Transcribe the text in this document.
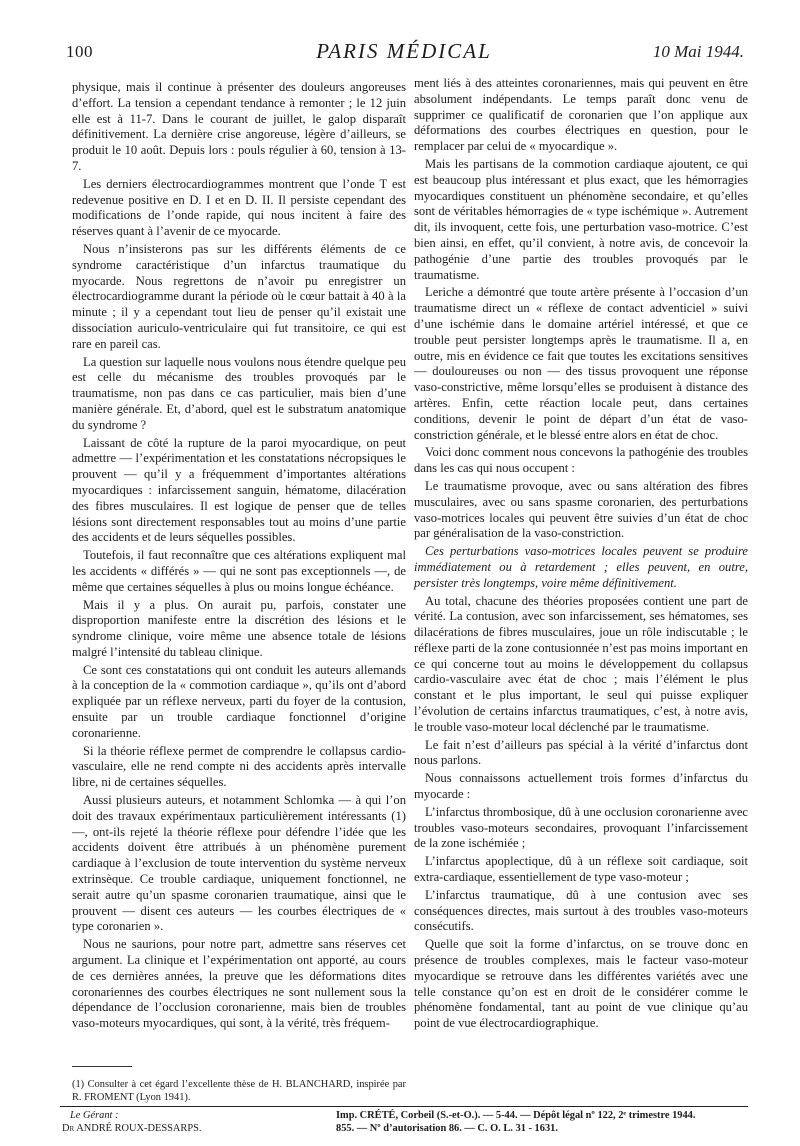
100	PARIS MÉDICAL	10 Mai 1944.

physique, mais il continue à présenter des douleurs angoreuses d’effort. La tension a cependant tendance à remonter ; le 12 juin elle est à 11-7. Dans le courant de juillet, le galop disparaît définitivement. La dernière crise angoreuse, légère d’ailleurs, se produit le 10 août. Depuis lors : pouls régulier à 60, tension à 13-7.

Les derniers électrocardiogrammes montrent que l’onde T est redevenue positive en D. I et en D. II. Il persiste cependant des modifications de l’onde rapide, qui nous incitent à faire des réserves quant à l’avenir de ce myocarde.

Nous n’insisterons pas sur les différents éléments de ce syndrome caractéristique d’un infarctus traumatique du myocarde. Nous regrettons de n’avoir pu enregistrer un électrocardiogramme durant la période où le cœur battait à 40 à la minute ; il y a cependant tout lieu de penser qu’il existait une dissociation auriculo-ventriculaire qui fut transitoire, ce qui est rare en pareil cas.

La question sur laquelle nous voulons nous étendre quelque peu est celle du mécanisme des troubles provoqués par le traumatisme, non pas dans ce cas particulier, mais bien d’une manière générale. Et, d’abord, quel est le substratum anatomique du syndrome ?

Laissant de côté la rupture de la paroi myocardique, on peut admettre — l’expérimentation et les constatations nécropsiques le prouvent — qu’il y a fréquemment d’importantes altérations myocardiques : infarcissement sanguin, hématome, dilacération des fibres musculaires. Il est logique de penser que de telles lésions sont directement responsables tout au moins d’une partie des accidents et de leurs séquelles possibles.

Toutefois, il faut reconnaître que ces altérations expliquent mal les accidents « différés » — qui ne sont pas exceptionnels —, de même que certaines séquelles à plus ou moins longue échéance.

Mais il y a plus. On aurait pu, parfois, constater une disproportion manifeste entre la discrétion des lésions et le syndrome clinique, voire même une absence totale de lésions malgré l’intensité du tableau clinique.

Ce sont ces constatations qui ont conduit les auteurs allemands à la conception de la « commotion cardiaque », qu’ils ont d’abord expliquée par un réflexe nerveux, parti du foyer de la contusion, ensuite par un trouble cardiaque fonctionnel d’origine coronarienne.

Si la théorie réflexe permet de comprendre le collapsus cardio-vasculaire, elle ne rend compte ni des accidents après intervalle libre, ni de certaines séquelles.

Aussi plusieurs auteurs, et notamment Schlomka — à qui l’on doit des travaux expérimentaux particulièrement intéressants (1) —, ont-ils rejeté la théorie réflexe pour défendre l’idée que les accidents doivent être attribués à un phénomène purement cardiaque à l’exclusion de toute intervention du système nerveux extrinsèque. Ce trouble cardiaque, uniquement fonctionnel, ne serait autre qu’un spasme coronarien traumatique, ainsi que le prouvent — disent ces auteurs — les courbes électriques de « type coronarien ».

Nous ne saurions, pour notre part, admettre sans réserves cet argument. La clinique et l’expérimentation ont apporté, au cours de ces dernières années, la preuve que les déformations dites coronariennes des courbes électriques ne sont nullement sous la dépendance de l’occlusion coronarienne, mais bien de troubles vaso-moteurs myocardiques, qui sont, à la vérité, très fréquem-

ment liés à des atteintes coronariennes, mais qui peuvent en être absolument indépendants. Le temps paraît donc venu de supprimer ce qualificatif de coronarien que l’on applique aux déformations des courbes électriques en question, pour le remplacer par celui de « myocardique ».

Mais les partisans de la commotion cardiaque ajoutent, ce qui est beaucoup plus intéressant et plus exact, que les hémorragies myocardiques constituent un phénomène secondaire, et qu’elles sont de véritables hémorragies de « type ischémique ». Autrement dit, ils invoquent, cette fois, une perturbation vaso-motrice. C’est bien ainsi, en effet, qu’il convient, à notre avis, de concevoir la pathogénie d’une partie des troubles provoqués par le traumatisme.

Leriche a démontré que toute artère présente à l’occasion d’un traumatisme direct un « réflexe de contact adventiciel » suivi d’une ischémie dans le domaine artériel intéressé, et que ce trouble peut persister longtemps après le traumatisme. Il a, en outre, mis en évidence ce fait que toutes les excitations sensitives — douloureuses ou non — des tissus provoquent une réponse vaso-constrictive, même lorsqu’elles se produisent à distance des artères. Enfin, cette réaction locale peut, dans certaines conditions, devenir le point de départ d’un état de vaso-constriction générale, et le blessé entre alors en état de choc.

Voici donc comment nous concevons la pathogénie des troubles dans les cas qui nous occupent :

Le traumatisme provoque, avec ou sans altération des fibres musculaires, avec ou sans spasme coronarien, des perturbations vaso-motrices locales qui peuvent être suivies d’un état de choc par généralisation de la vaso-constriction.

Ces perturbations vaso-motrices locales peuvent se produire immédiatement ou à retardement ; elles peuvent, en outre, persister très longtemps, voire même définitivement.

Au total, chacune des théories proposées contient une part de vérité. La contusion, avec son infarcissement, ses hématomes, ses dilacérations de fibres musculaires, joue un rôle indiscutable ; le réflexe parti de la zone contusionnée n’est pas moins important en ce qui concerne tout au moins le développement du collapsus cardio-vasculaire avec état de choc ; mais l’élément le plus constant et le plus important, le seul qui puisse expliquer l’évolution de certains infarctus traumatiques, c’est, à notre avis, le trouble vaso-moteur local déclenché par le traumatisme.

Le fait n’est d’ailleurs pas spécial à la vérité d’infarctus dont nous parlons.

Nous connaissons actuellement trois formes d’infarctus du myocarde :

L’infarctus thrombosique, dû à une occlusion coronarienne avec troubles vaso-moteurs secondaires, provoquant l’infarcissement de la zone ischémiée ;

L’infarctus apoplectique, dû à un réflexe soit cardiaque, soit extra-cardiaque, essentiellement de type vaso-moteur ;

L’infarctus traumatique, dû à une contusion avec ses conséquences directes, mais surtout à des troubles vaso-moteurs consécutifs.

Quelle que soit la forme d’infarctus, on se trouve donc en présence de troubles complexes, mais le facteur vaso-moteur myocardique se retrouve dans les différentes variétés avec une telle constance qu’on est en droit de le considérer comme le phénomène fondamental, tant au point de vue clinique qu’au point de vue électrocardiographique.

(1) Consulter à cet égard l’excellente thèse de H. BLANCHARD, inspirée par R. FROMENT (Lyon 1941).
Le Gérant :
Dr ANDRÉ ROUX-DESSARPS.
Imp. CRÉTÉ, Corbeil (S.-et-O.). — 5-44. — Dépôt légal nº 122, 2ᵉ trimestre 1944.
855. — Nº d’autorisation 86. — C. O. L. 31 - 1631.
